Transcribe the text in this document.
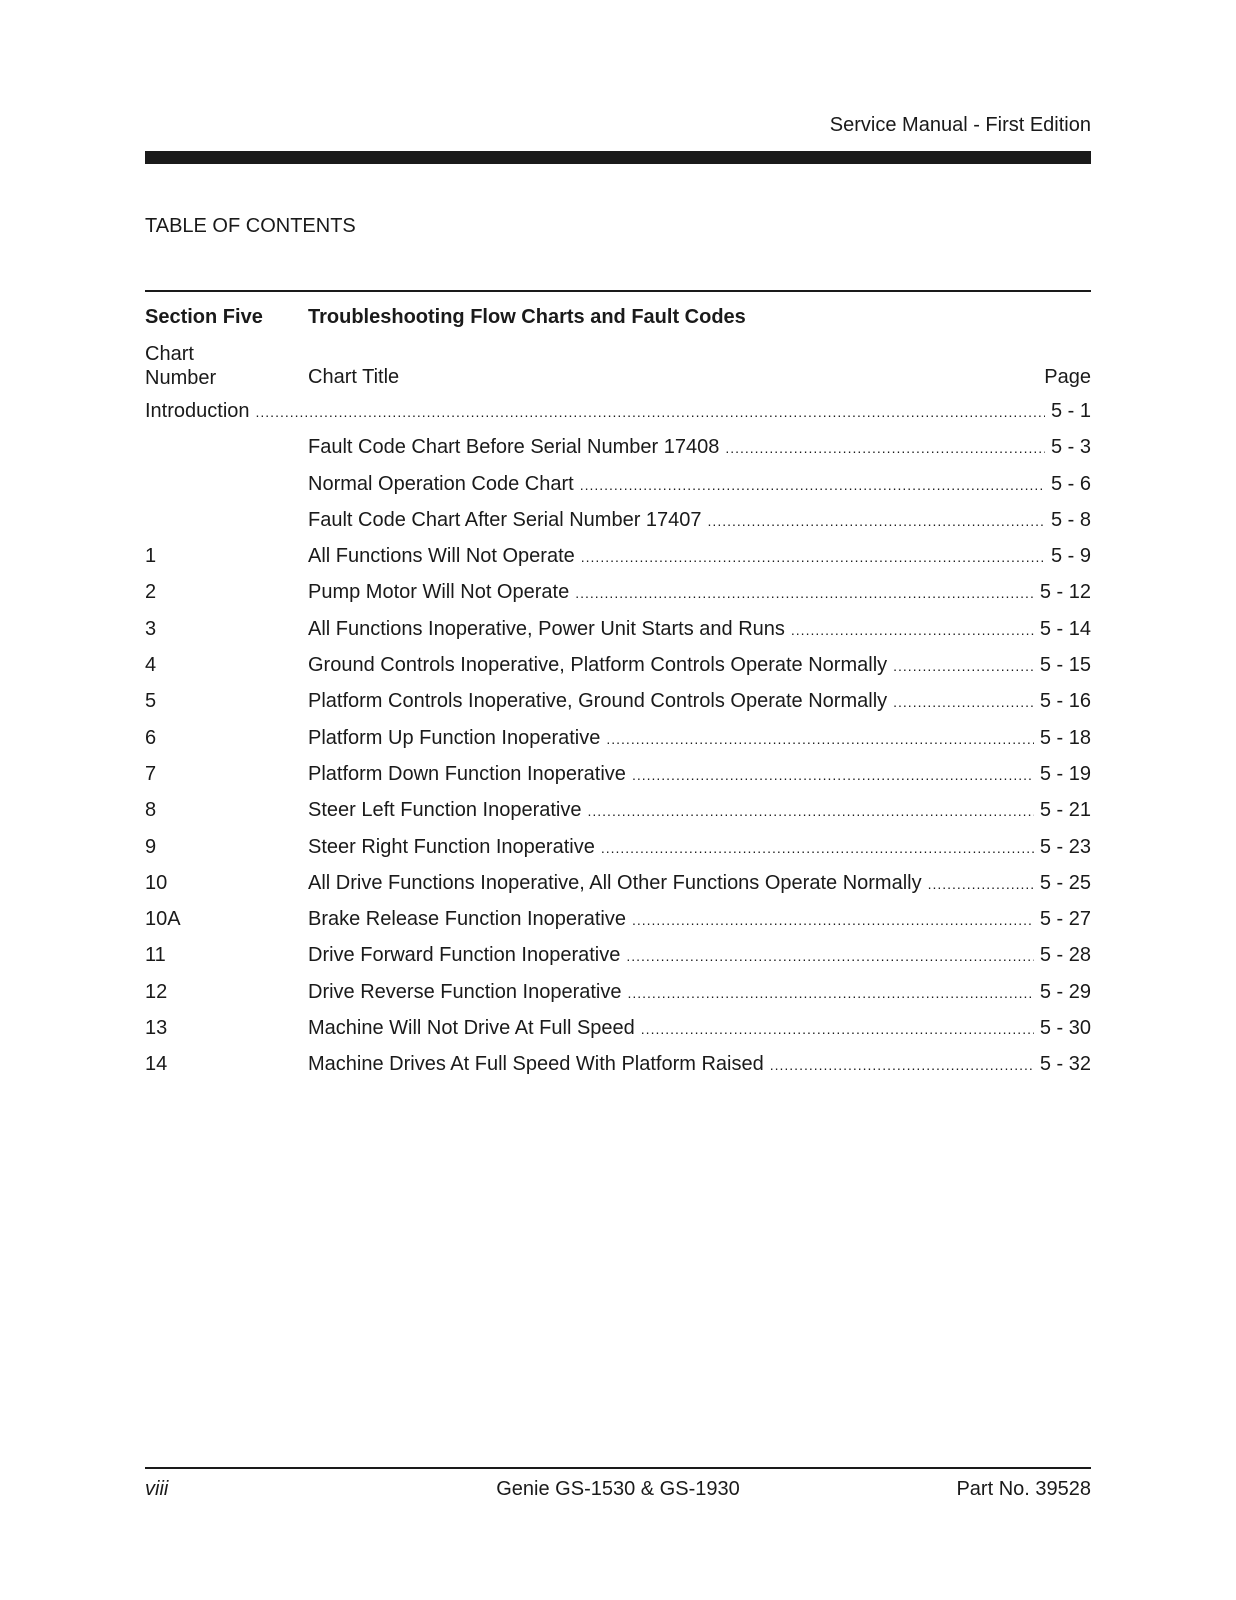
Service Manual - First Edition
TABLE OF CONTENTS
Section Five Troubleshooting Flow Charts and Fault Codes
Chart
Number	Chart Title	Page
Introduction .....	5 - 1
Fault Code Chart Before Serial Number 17408 .....	5 - 3
Normal Operation Code Chart .....	5 - 6
Fault Code Chart After Serial Number 17407 .....	5 - 8
1	All Functions Will Not Operate .....	5 - 9
2	Pump Motor Will Not Operate .....	5 - 12
3	All Functions Inoperative, Power Unit Starts and Runs .....	5 - 14
4	Ground Controls Inoperative, Platform Controls Operate Normally .....	5 - 15
5	Platform Controls Inoperative, Ground Controls Operate Normally .....	5 - 16
6	Platform Up Function Inoperative .....	5 - 18
7	Platform Down Function Inoperative .....	5 - 19
8	Steer Left Function Inoperative .....	5 - 21
9	Steer Right Function Inoperative .....	5 - 23
10	All Drive Functions Inoperative, All Other Functions Operate Normally .....	5 - 25
10A	Brake Release Function Inoperative .....	5 - 27
11	Drive Forward Function Inoperative .....	5 - 28
12	Drive Reverse Function Inoperative .....	5 - 29
13	Machine Will Not Drive At Full Speed .....	5 - 30
14	Machine Drives At Full Speed With Platform Raised .....	5 - 32
viii	Genie GS-1530 & GS-1930	Part No. 39528
